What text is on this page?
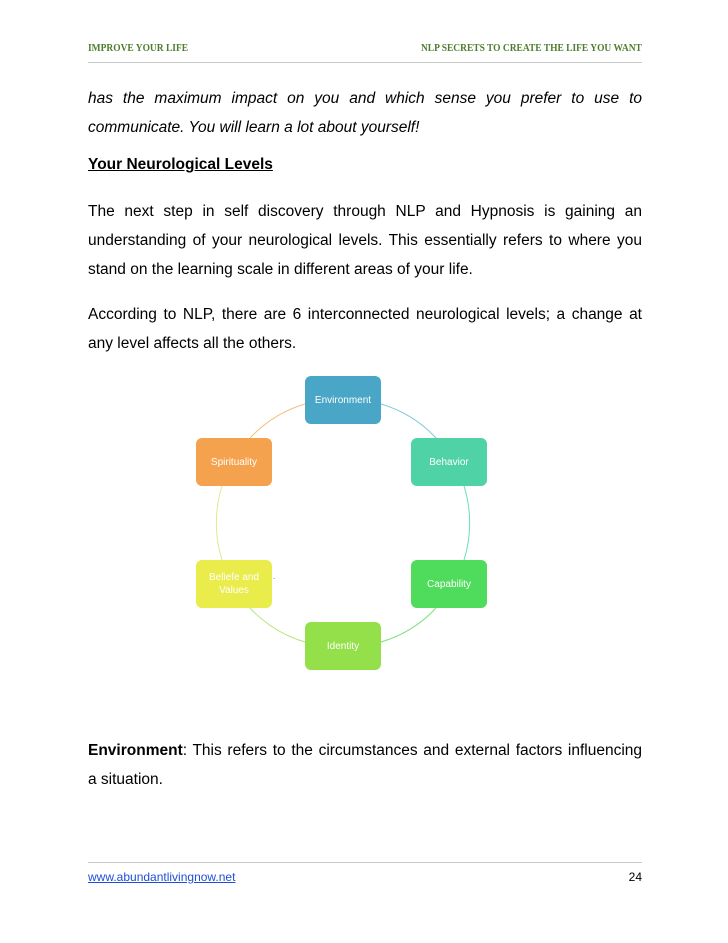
IMPROVE YOUR LIFE	NLP SECRETS TO CREATE THE LIFE YOU WANT
has the maximum impact on you and which sense you prefer to use to communicate. You will learn a lot about yourself!
Your Neurological Levels
The next step in self discovery through NLP and Hypnosis is gaining an understanding of your neurological levels. This essentially refers to where you stand on the learning scale in different areas of your life.
According to NLP, there are 6 interconnected neurological levels; a change at any level affects all the others.
Environment
Behavior
Capability
Identity
Beliefe and Values
Spirituality
.
Environment: This refers to the circumstances and external factors influencing a situation.
www.abundantlivingnow.net	24
